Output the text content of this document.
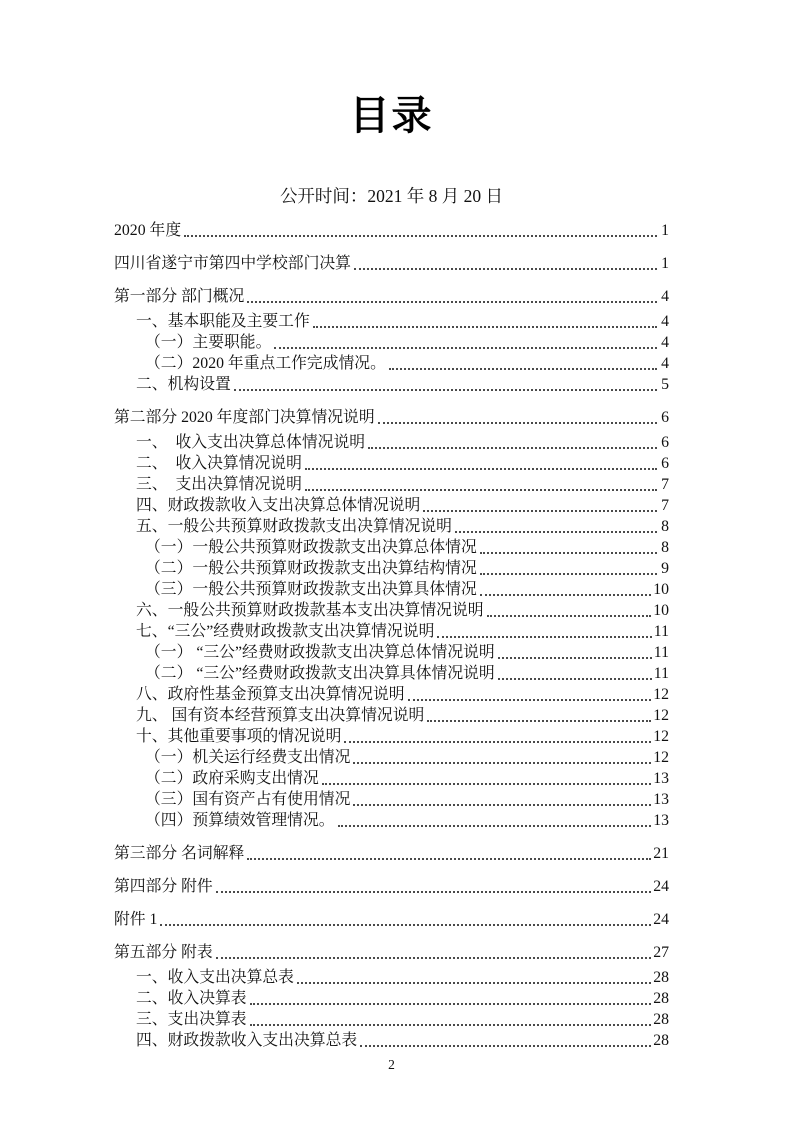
目录
公开时间：2021 年 8 月 20 日
2020 年度	1
四川省遂宁市第四中学校部门决算	1
第一部分 部门概况	4
一、基本职能及主要工作	4
（一）主要职能。	4
（二）2020 年重点工作完成情况。	4
二、机构设置	5
第二部分 2020 年度部门决算情况说明	6
一、　收入支出决算总体情况说明	6
二、　收入决算情况说明	6
三、　支出决算情况说明	7
四、财政拨款收入支出决算总体情况说明	7
五、一般公共预算财政拨款支出决算情况说明	8
（一）一般公共预算财政拨款支出决算总体情况	8
（二）一般公共预算财政拨款支出决算结构情况	9
（三）一般公共预算财政拨款支出决算具体情况	10
六、一般公共预算财政拨款基本支出决算情况说明	10
七、“三公”经费财政拨款支出决算情况说明	11
（一） “三公”经费财政拨款支出决算总体情况说明	11
（二） “三公”经费财政拨款支出决算具体情况说明	11
八、政府性基金预算支出决算情况说明	12
九、 国有资本经营预算支出决算情况说明	12
十、其他重要事项的情况说明	12
（一）机关运行经费支出情况	12
（二）政府采购支出情况	13
（三）国有资产占有使用情况	13
（四）预算绩效管理情况。	13
第三部分 名词解释	21
第四部分 附件	24
附件 1	24
第五部分 附表	27
一、收入支出决算总表	28
二、收入决算表	28
三、支出决算表	28
四、财政拨款收入支出决算总表	28
2
